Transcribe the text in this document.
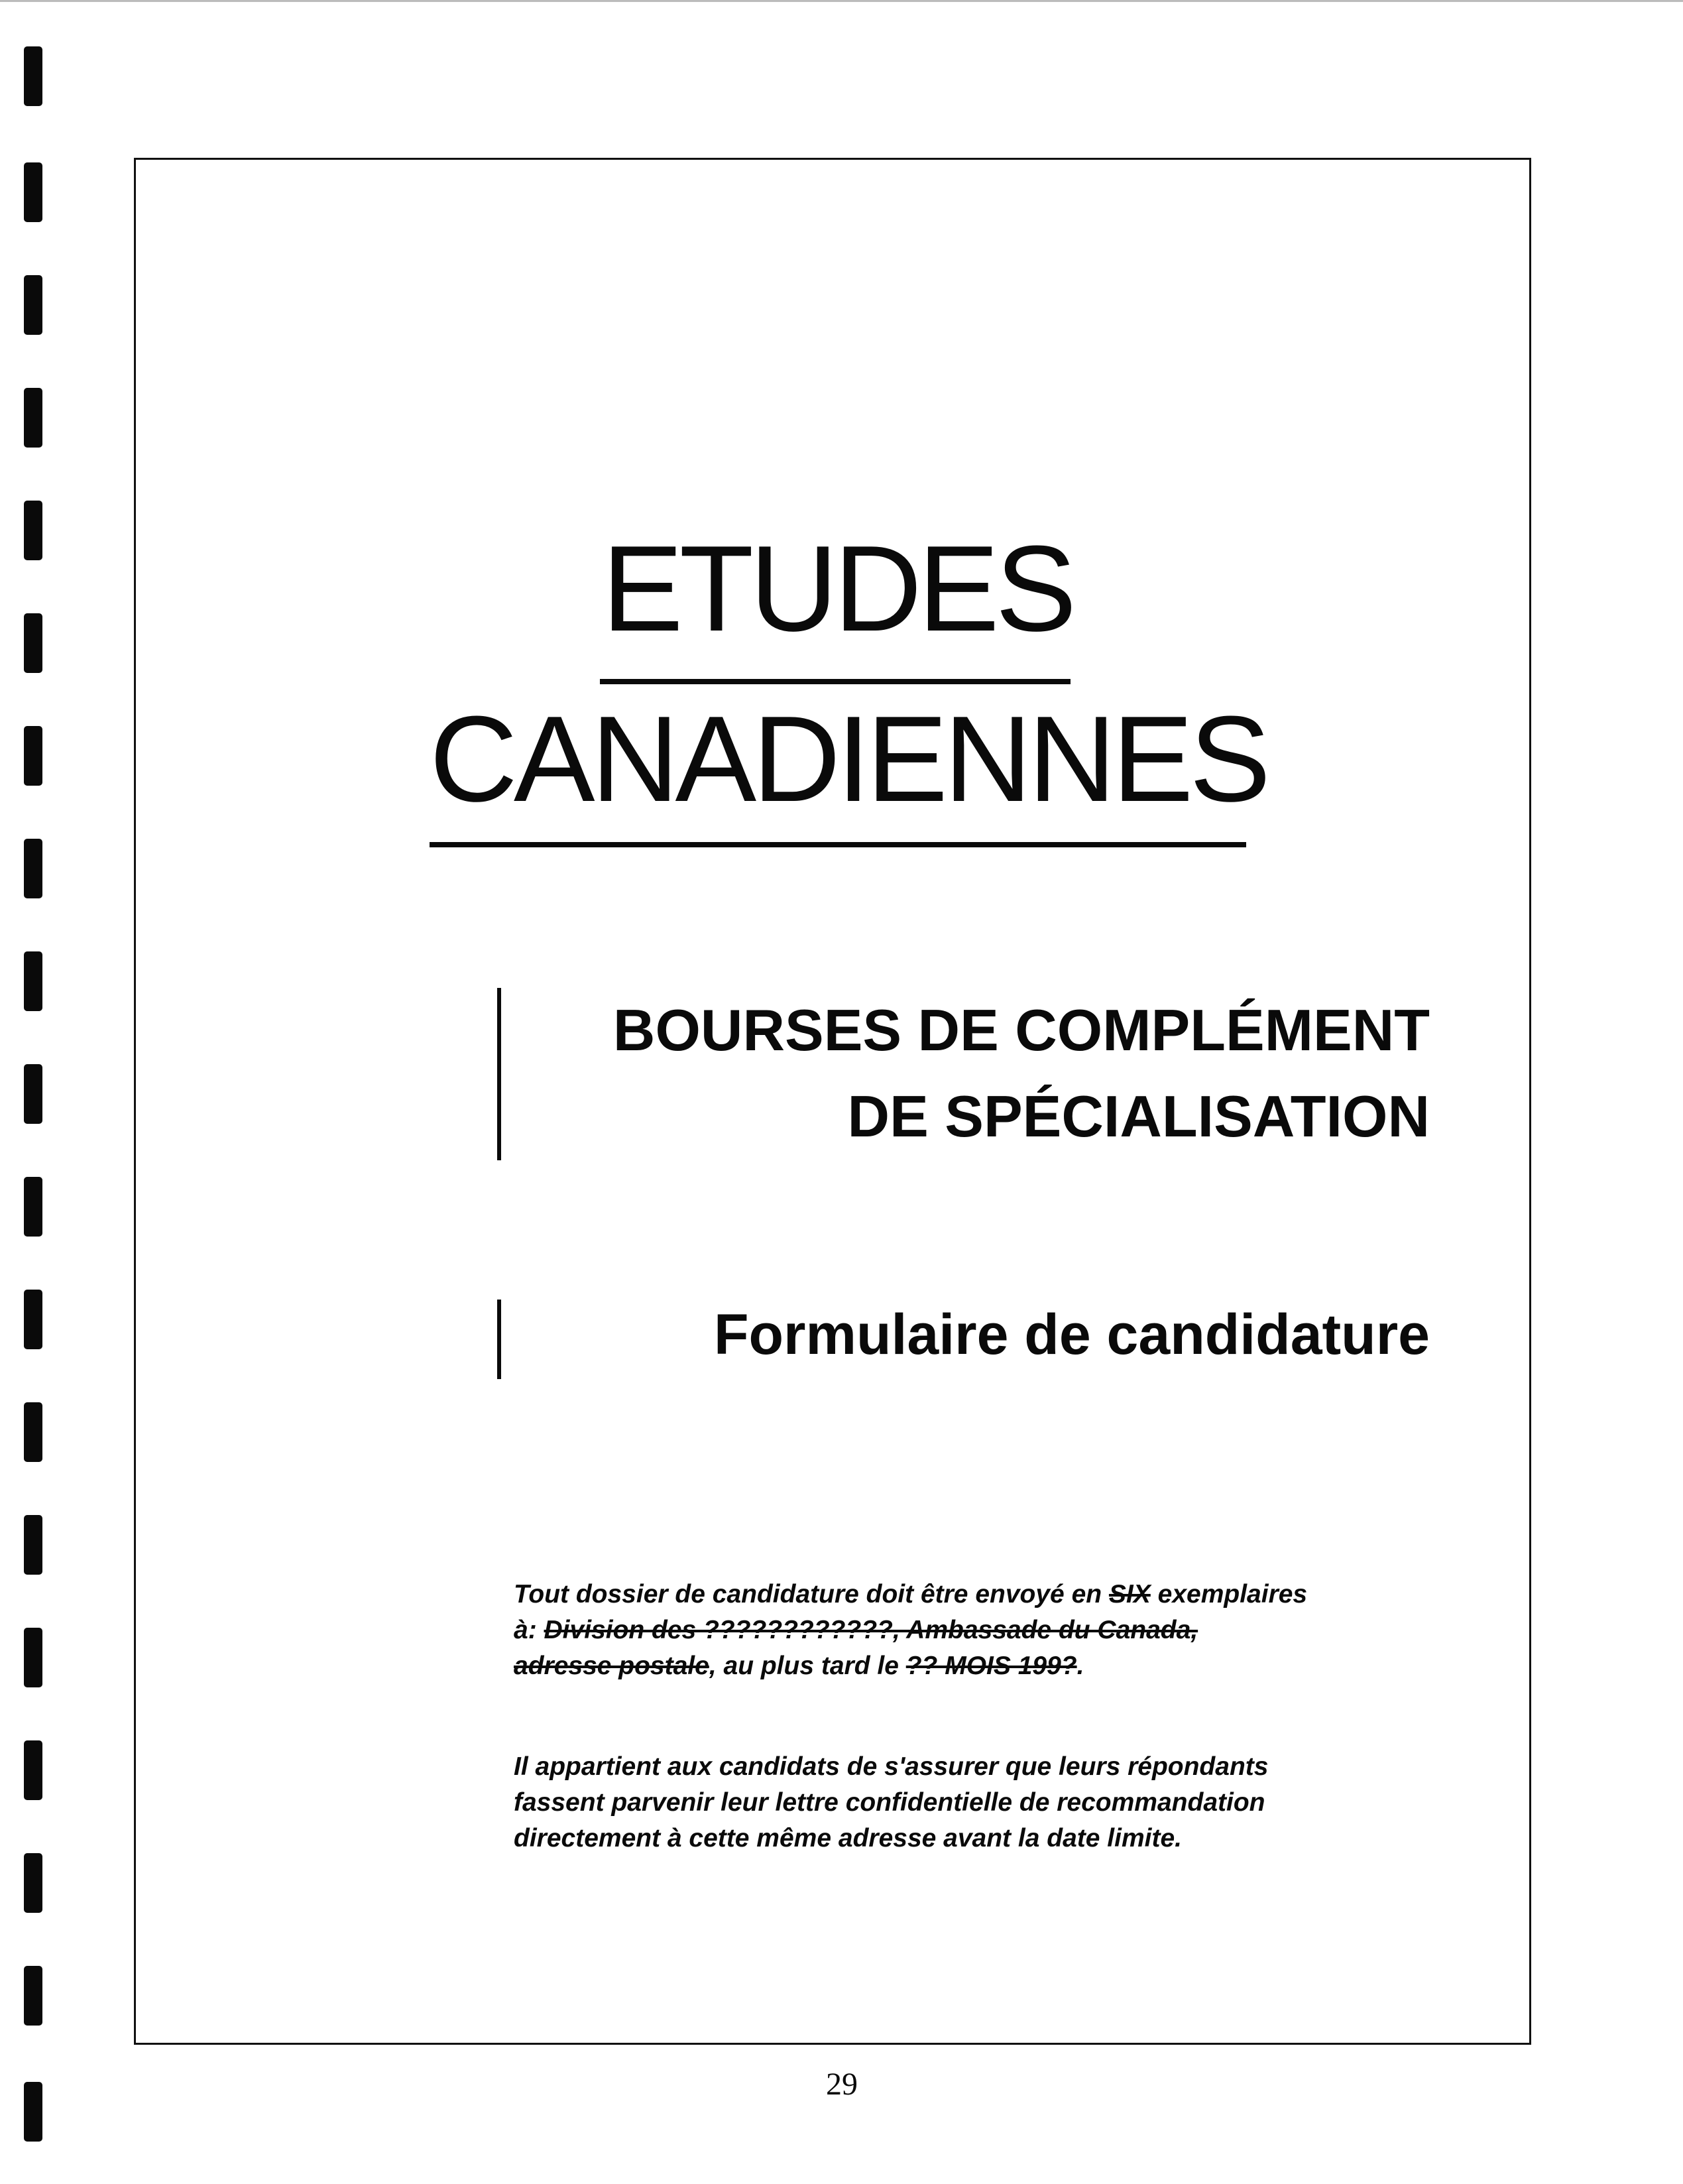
ETUDES
CANADIENNES
BOURSES DE COMPLÉMENT
DE SPÉCIALISATION
Formulaire de candidature
Tout dossier de candidature doit être envoyé en SIX exemplaires
à: Division des ????????????, Ambassade du Canada,
adresse postale, au plus tard le ?? MOIS 199?.
Il appartient aux candidats de s'assurer que leurs répondants
fassent parvenir leur lettre confidentielle de recommandation
directement à cette même adresse avant la date limite.
29
